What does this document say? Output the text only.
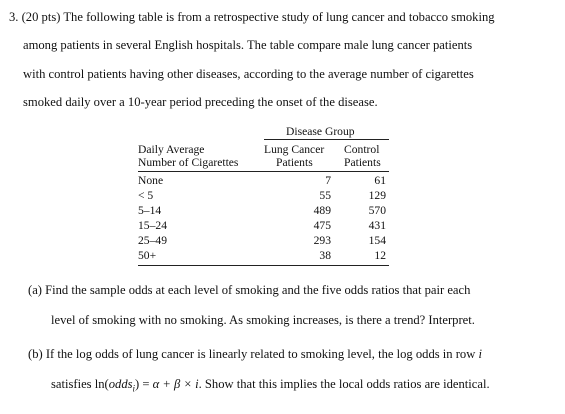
3. (20 pts) The following table is from a retrospective study of lung cancer and tobacco smoking
among patients in several English hospitals. The table compare male lung cancer patients
with control patients having other diseases, according to the average number of cigarettes
smoked daily over a 10-year period preceding the onset of the disease.
Disease Group
Daily Average
Number of Cigarettes
Lung Cancer
Patients
Control
Patients
None	7	61
< 5	55	129
5–14	489	570
15–24	475	431
25–49	293	154
50+	38	12
(a) Find the sample odds at each level of smoking and the five odds ratios that pair each
level of smoking with no smoking. As smoking increases, is there a trend? Interpret.
(b) If the log odds of lung cancer is linearly related to smoking level, the log odds in row i
satisfies ln(odds$_i$) = α + β × i. Show that this implies the local odds ratios are identical.
